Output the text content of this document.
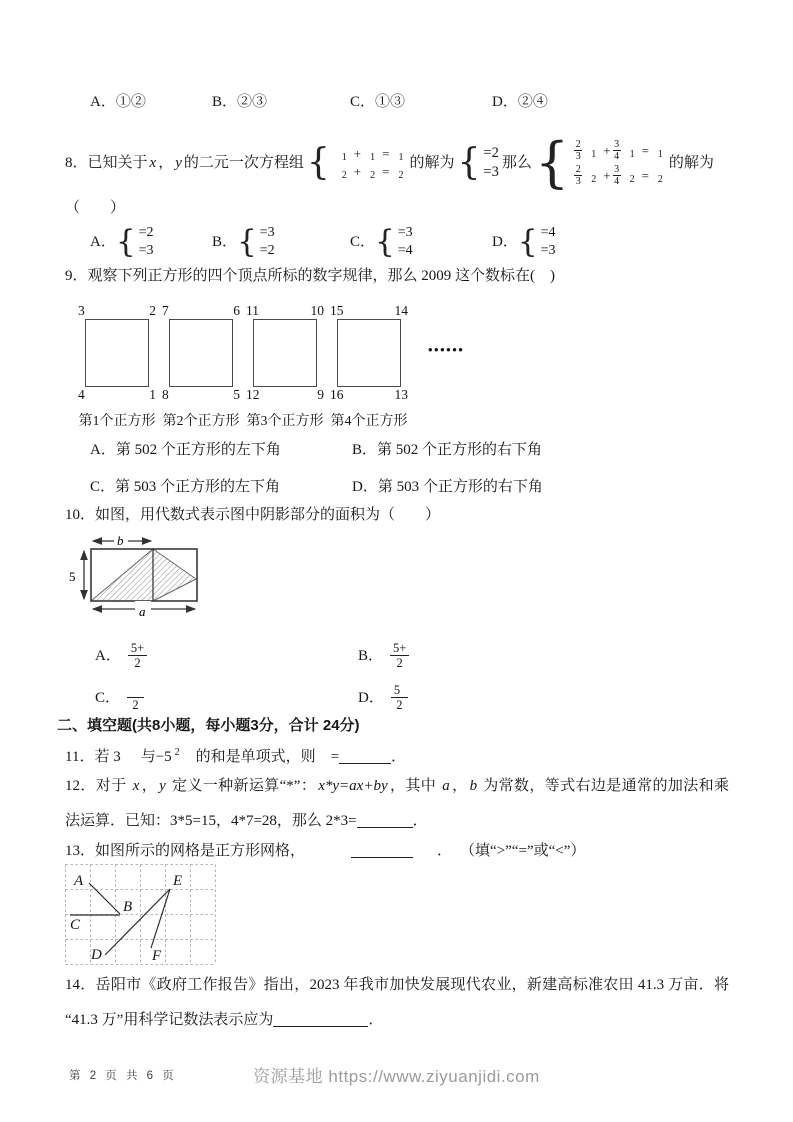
A．①②	B．②③	C．①③	D．②④
8．已知关于 x ， y 的二元一次方程组 { 1 + 1 = 1
2 + 2 = 2
的解为 { =2
=3
那么 { 2
3 $1 + \frac{3}{4} 1 = 1$
2
3 $2 + \frac{3}{4} 2 = 2$
的解为
（　　）
A． { =2
=3
B． { =3
=2
C． { =3
=4
D． { =4
=3
9．观察下列正方形的四个顶点所标的数字规律，那么 2009 这个数标在(　)
3	2
4	1
第1个正方形
7	6
8	5
第2个正方形
11	10
12	9
第3个正方形
15	14
16	13
第4个正方形
••••••
A．第 502 个正方形的左下角	B．第 502 个正方形的右下角
C．第 503 个正方形的左下角	D．第 503 个正方形的右下角
10．如图，用代数式表示图中阴影部分的面积为（　　）
b
5
a
A． 5+
2	B． 5+
2
C． 2	D． 5
2
二、填空题(共8小题，每小题3分，合计 24分)
11．若 3 与−5 $^2$ 的和是单项式，则 =	．
12．对于 x ， y 定义一种新运算“*”： x*y=ax+by ，其中 a ， b 为常数，等式右边是通常的加法和乘
法运算．已知：3*5=15，4*7=28，那么 2*3=	．
13．如图所示的网格是正方形网格，	． （填“>”“=”或“<”）
A
B
C
D
E
F
14．岳阳市《政府工作报告》指出，2023 年我市加快发展现代农业，新建高标准农田 41.3 万亩．将
“41.3 万”用科学记数法表示应为	．
第 2 页 共 6 页	资源基地 https://www.ziyuanjidi.com
